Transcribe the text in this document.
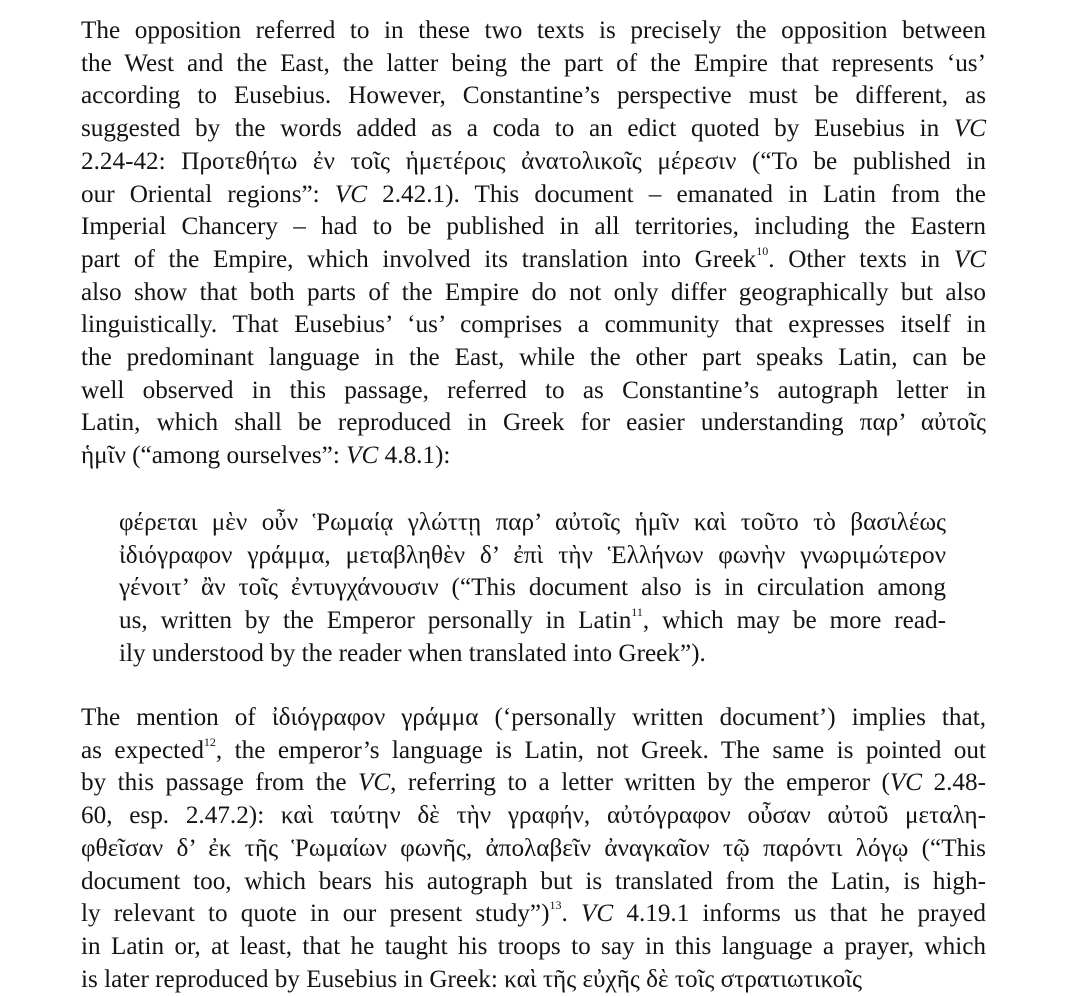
The opposition referred to in these two texts is precisely the opposition between
the West and the East, the latter being the part of the Empire that represents ‘us’
according to Eusebius. However, Constantine’s perspective must be different, as
suggested by the words added as a coda to an edict quoted by Eusebius in VC
2.24-42: Προτεθήτω ἐν τοῖς ἡμετέροις ἀνατολικοῖς μέρεσιν (“To be published in
our Oriental regions”: VC 2.42.1). This document – emanated in Latin from the
Imperial Chancery – had to be published in all territories, including the Eastern
part of the Empire, which involved its translation into Greek$^{10}$. Other texts in VC
also show that both parts of the Empire do not only differ geographically but also
linguistically. That Eusebius’ ‘us’ comprises a community that expresses itself in
the predominant language in the East, while the other part speaks Latin, can be
well observed in this passage, referred to as Constantine’s autograph letter in
Latin, which shall be reproduced in Greek for easier understanding παρ’ αὐτοῖς
ἡμῖν (“among ourselves”: VC 4.8.1):
φέρεται μὲν οὖν Ῥωμαίᾳ γλώττῃ παρ’ αὐτοῖς ἡμῖν καὶ τοῦτο τὸ βασιλέως
ἰδιόγραφον γράμμα, μεταβληθὲν δ’ ἐπὶ τὴν Ἑλλήνων φωνὴν γνωριμώτερον
γένοιτ’ ἂν τοῖς ἐντυγχάνουσιν (“This document also is in circulation among
us, written by the Emperor personally in Latin$^{11}$, which may be more read-
ily understood by the reader when translated into Greek”).
The mention of ἰδιόγραφον γράμμα (‘personally written document’) implies that,
as expected$^{12}$, the emperor’s language is Latin, not Greek. The same is pointed out
by this passage from the VC, referring to a letter written by the emperor (VC 2.48-
60, esp. 2.47.2): καὶ ταύτην δὲ τὴν γραφήν, αὐτόγραφον οὖσαν αὐτοῦ μεταλη-
φθεῖσαν δ’ ἐκ τῆς Ῥωμαίων φωνῆς, ἀπολαβεῖν ἀναγκαῖον τῷ παρόντι λόγῳ (“This
document too, which bears his autograph but is translated from the Latin, is high-
ly relevant to quote in our present study”)$^{13}$. VC 4.19.1 informs us that he prayed
in Latin or, at least, that he taught his troops to say in this language a prayer, which
is later reproduced by Eusebius in Greek: καὶ τῆς εὐχῆς δὲ τοῖς στρατιωτικοῖς
